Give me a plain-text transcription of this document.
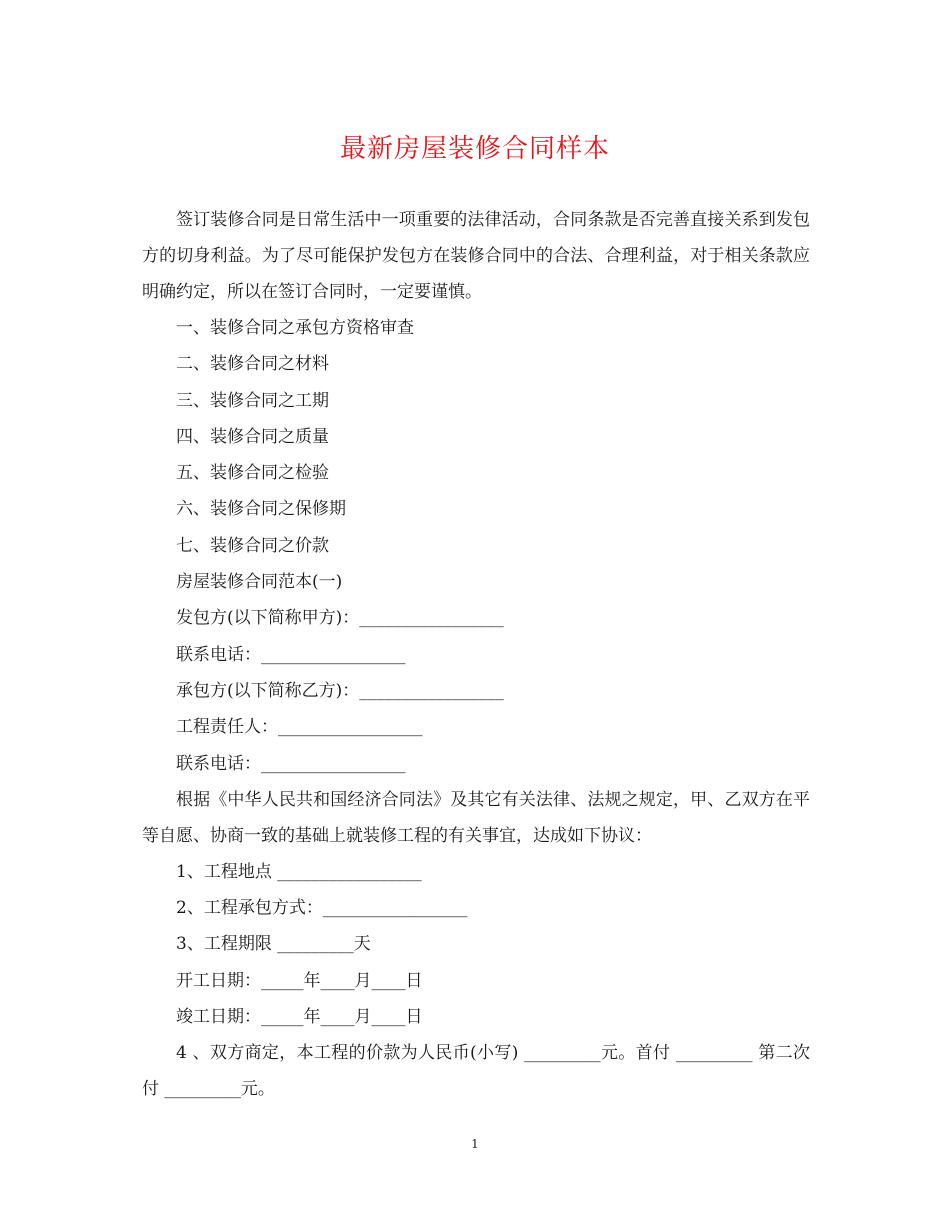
最新房屋装修合同样本

签订装修合同是日常生活中一项重要的法律活动，合同条款是否完善直接关系到发包方的切身利益。为了尽可能保护发包方在装修合同中的合法、合理利益，对于相关条款应明确约定，所以在签订合同时，一定要谨慎。

一、装修合同之承包方资格审查

二、装修合同之材料

三、装修合同之工期

四、装修合同之质量

五、装修合同之检验

六、装修合同之保修期

七、装修合同之价款

房屋装修合同范本(一)

发包方(以下简称甲方)：_________________

联系电话：_________________

承包方(以下简称乙方)：_________________

工程责任人：_________________

联系电话：_________________

根据《中华人民共和国经济合同法》及其它有关法律、法规之规定，甲、乙双方在平等自愿、协商一致的基础上就装修工程的有关事宜，达成如下协议：

1、工程地点 _________________

2、工程承包方式：_________________

3、工程期限 _________天

开工日期：_____年____月____日

竣工日期：_____年____月____日

4 、双方商定，本工程的价款为人民币(小写) _________元。首付 _________ 第二次付 _________元。

1
